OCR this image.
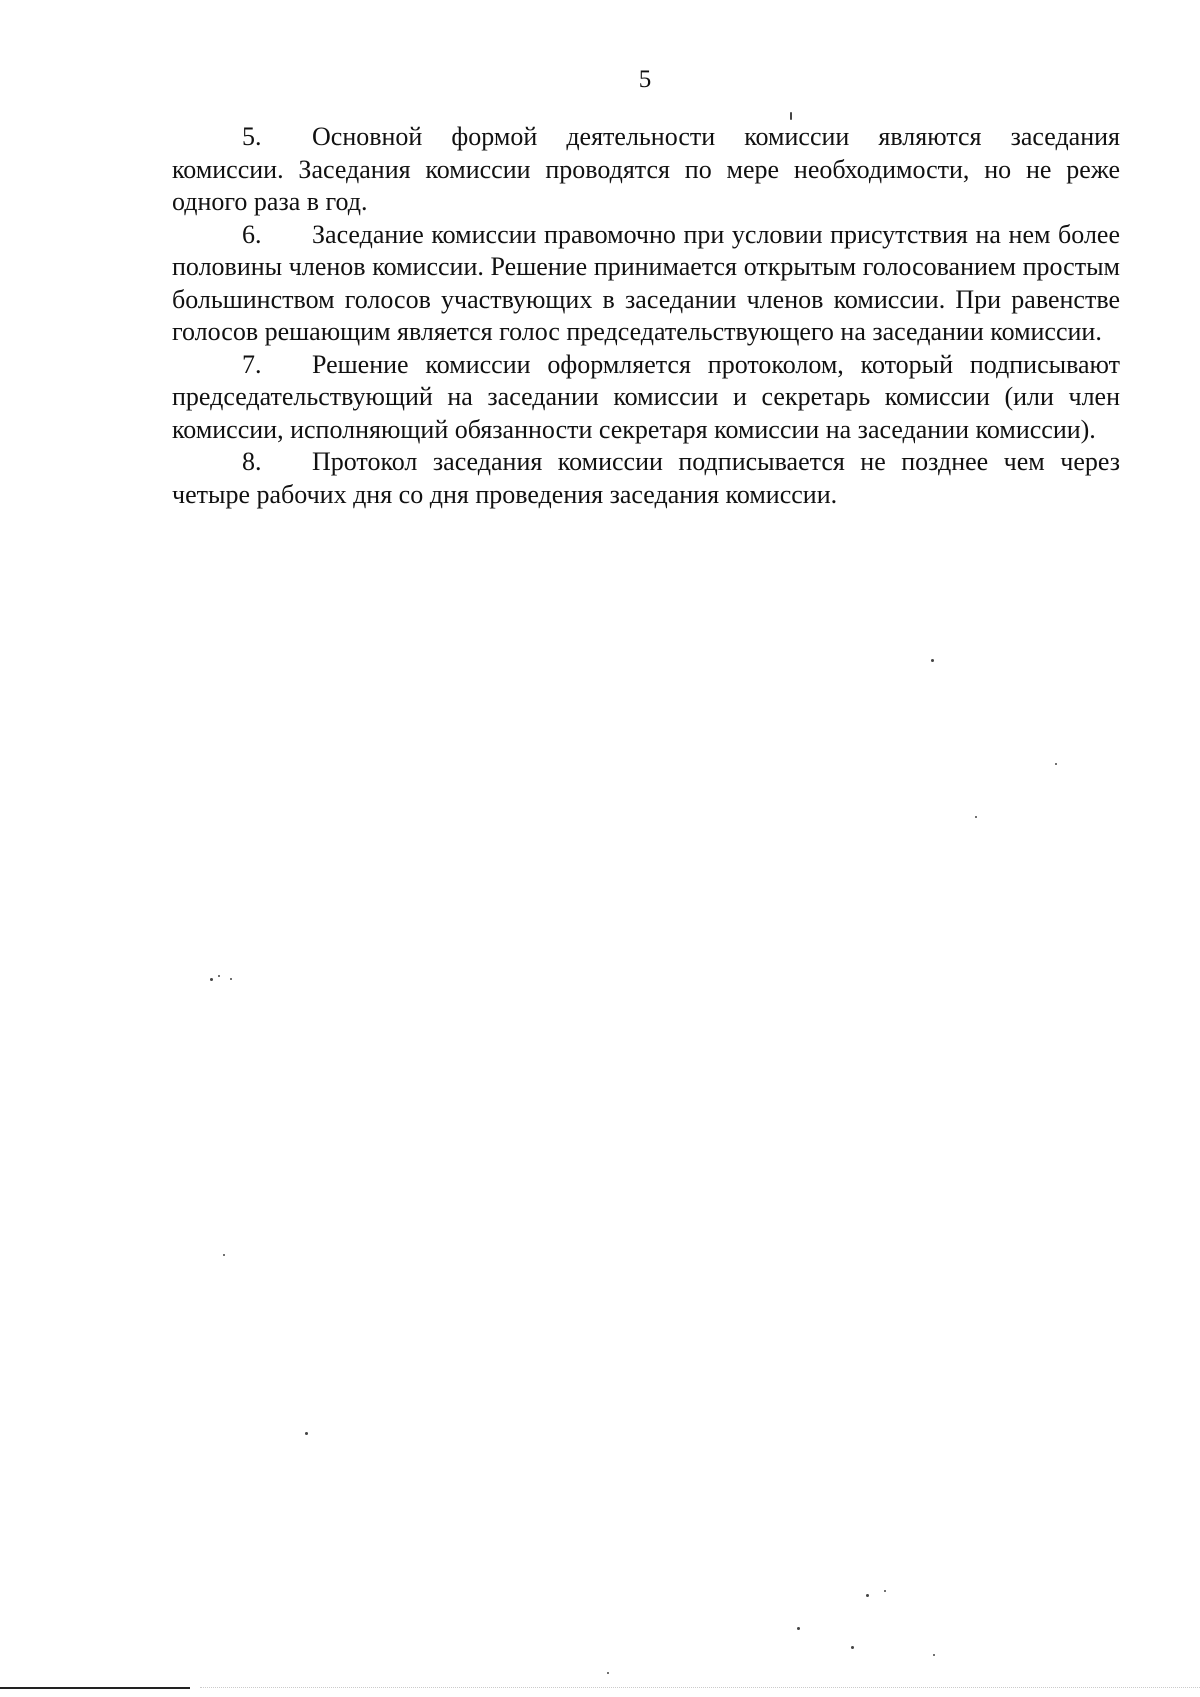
5

5. Основной формой деятельности комиссии являются заседания комиссии. Заседания комиссии проводятся по мере необходимости, но не реже одного раза в год.

6. Заседание комиссии правомочно при условии присутствия на нем более половины членов комиссии. Решение принимается открытым голосованием простым большинством голосов участвующих в заседании членов комиссии. При равенстве голосов решающим является голос председательствующего на заседании комиссии.

7. Решение комиссии оформляется протоколом, который подписывают председательствующий на заседании комиссии и секретарь комиссии (или член комиссии, исполняющий обязанности секретаря комиссии на заседании комиссии).

8. Протокол заседания комиссии подписывается не позднее чем через четыре рабочих дня со дня проведения заседания комиссии.
